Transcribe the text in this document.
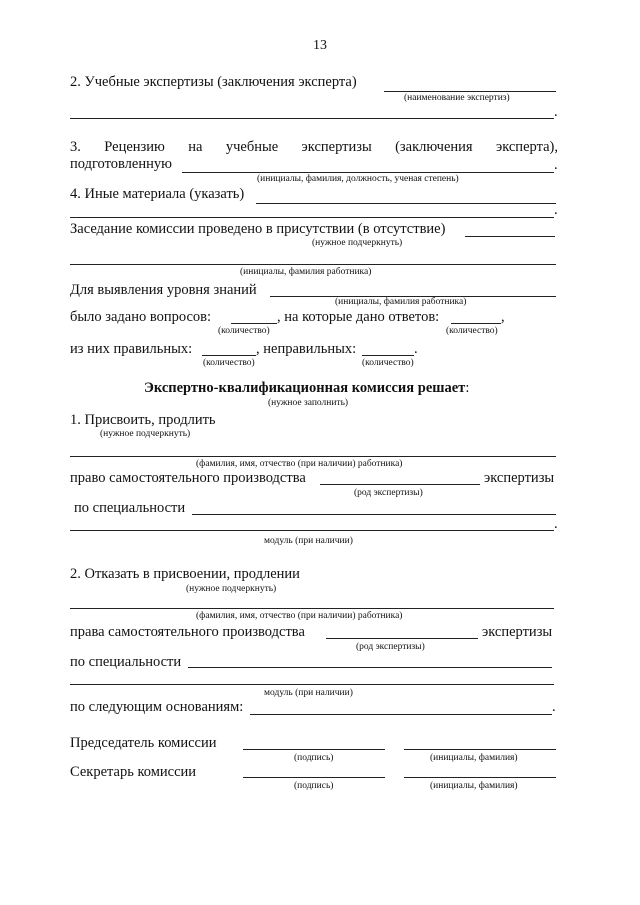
13
2. Учебные экспертизы (заключения эксперта)
(наименование экспертиз)
.
3. Рецензию на учебные экспертизы (заключения эксперта),
подготовленную	.
(инициалы, фамилия, должность, ученая степень)
4. Иные материала (указать)
.
Заседание комиссии проведено в присутствии (в отсутствие)
(нужное подчеркнуть)
(инициалы, фамилия работника)
Для выявления уровня знаний
(инициалы, фамилия работника)
было задано вопросов:	, на которые дано ответов:	,
(количество)	(количество)
из них правильных:	, неправильных:	.
(количество)	(количество)
Экспертно-квалификационная комиссия решает:
(нужное заполнить)
1. Присвоить, продлить
(нужное подчеркнуть)
(фамилия, имя, отчество (при наличии) работника)
право самостоятельного производства	экспертизы
(род экспертизы)
по специальности
.
модуль (при наличии)
2. Отказать в присвоении, продлении
(нужное подчеркнуть)
(фамилия, имя, отчество (при наличии) работника)
права самостоятельного производства	экспертизы
(род экспертизы)
по специальности
модуль (при наличии)
по следующим основаниям:	.
Председатель комиссии
(подпись)	(инициалы, фамилия)
Секретарь комиссии
(подпись)	(инициалы, фамилия)
